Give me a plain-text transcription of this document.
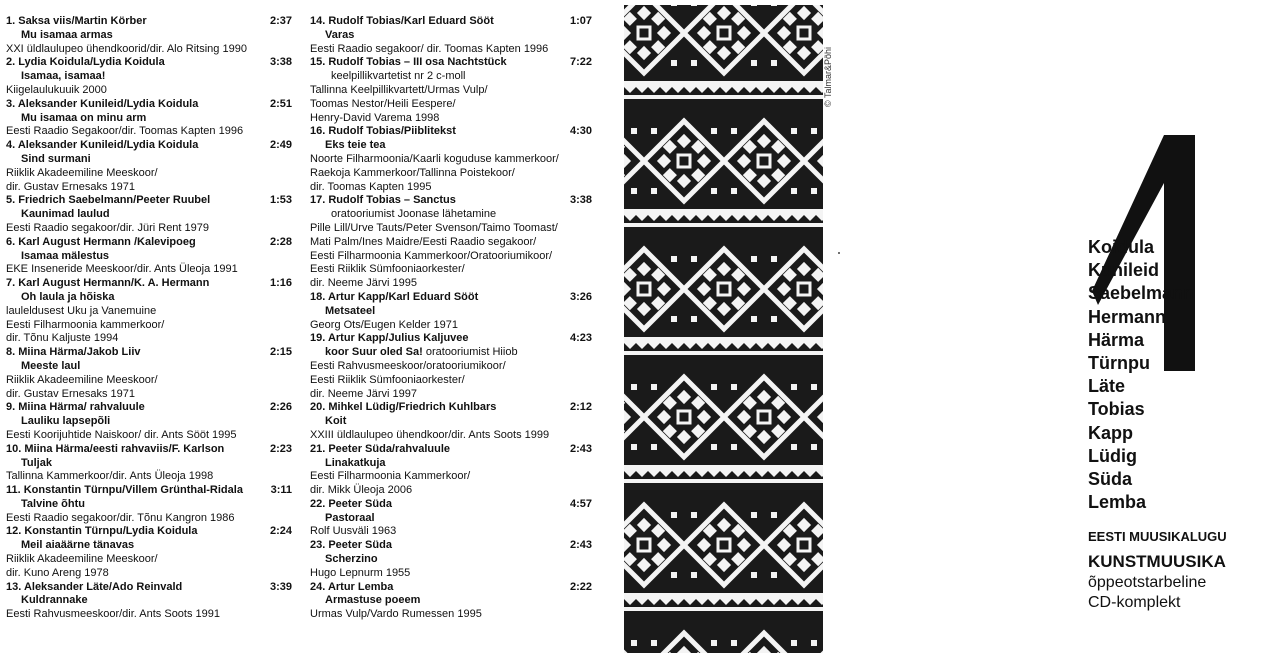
1. Saksa viis/Martin Körber	2:37
Mu isamaa armas
XXI üldlaulupeo ühendkoorid/dir. Alo Ritsing 1990
2. Lydia Koidula/Lydia Koidula	3:38
Isamaa, isamaa!
Kiigelaulukuuik 2000
3. Aleksander Kunileid/Lydia Koidula	2:51
Mu isamaa on minu arm
Eesti Raadio Segakoor/dir. Toomas Kapten 1996
4. Aleksander Kunileid/Lydia Koidula	2:49
Sind surmani
Riiklik Akadeemiline Meeskoor/
dir. Gustav Ernesaks 1971
5. Friedrich Saebelmann/Peeter Ruubel	1:53
Kaunimad laulud
Eesti Raadio segakoor/dir. Jüri Rent 1979
6. Karl August Hermann /Kalevipoeg	2:28
Isamaa mälestus
EKE Inseneride Meeskoor/dir. Ants Üleoja 1991
7. Karl August Hermann/K. A. Hermann	1:16
Oh laula ja hõiska
lauleldusest Uku ja Vanemuine
Eesti Filharmoonia kammerkoor/
dir. Tõnu Kaljuste 1994
8. Miina Härma/Jakob Liiv	2:15
Meeste laul
Riiklik Akadeemiline Meeskoor/
dir. Gustav Ernesaks 1971
9. Miina Härma/ rahvaluule	2:26
Lauliku lapsepõli
Eesti Koorijuhtide Naiskoor/ dir. Ants Sööt 1995
10. Miina Härma/eesti rahvaviis/F. Karlson	2:23
Tuljak
Tallinna Kammerkoor/dir. Ants Üleoja 1998
11. Konstantin Türnpu/Villem Grünthal-Ridala	3:11
Talvine õhtu
Eesti Raadio segakoor/dir. Tõnu Kangron 1986
12. Konstantin Türnpu/Lydia Koidula	2:24
Meil aiaäärne tänavas
Riiklik Akadeemiline Meeskoor/
dir. Kuno Areng 1978
13. Aleksander Läte/Ado Reinvald	3:39
Kuldrannake
Eesti Rahvusmeeskoor/dir. Ants Soots 1991
14. Rudolf Tobias/Karl Eduard Sööt	1:07
Varas
Eesti Raadio segakoor/ dir. Toomas Kapten 1996
15. Rudolf Tobias – III osa Nachtstück	7:22
keelpillikvartetist nr 2 c-moll
Tallinna Keelpillikvartett/Urmas Vulp/
Toomas Nestor/Heili Eespere/
Henry-David Varema 1998
16. Rudolf Tobias/Piiblitekst	4:30
Eks teie tea
Noorte Filharmoonia/Kaarli koguduse kammerkoor/
Raekoja Kammerkoor/Tallinna Poistekoor/
dir. Toomas Kapten 1995
17. Rudolf Tobias – Sanctus	3:38
oratooriumist Joonase lähetamine
Pille Lill/Urve Tauts/Peter Svenson/Taimo Toomast/
Mati Palm/Ines Maidre/Eesti Raadio segakoor/
Eesti Filharmoonia Kammerkoor/Oratooriumikoor/
Eesti Riiklik Sümfooniaorkester/
dir. Neeme Järvi 1995
18. Artur Kapp/Karl Eduard Sööt	3:26
Metsateel
Georg Ots/Eugen Kelder 1971
19. Artur Kapp/Julius Kaljuvee	4:23
koor Suur oled Sa! oratooriumist Hiiob
Eesti Rahvusmeeskoor/oratooriumikoor/
Eesti Riiklik Sümfooniaorkester/
dir. Neeme Järvi 1997
20. Mihkel Lüdig/Friedrich Kuhlbars	2:12
Koit
XXIII üldlaulupeo ühendkoor/dir. Ants Soots 1999
21. Peeter Süda/rahvaluule	2:43
Linakatkuja
Eesti Filharmoonia Kammerkoor/
dir. Mikk Üleoja 2006
22. Peeter Süda	4:57
Pastoraal
Rolf Uusväli 1963
23. Peeter Süda	2:43
Scherzino
Hugo Lepnurm 1955
24. Artur Lemba	2:22
Armastuse poeem
Urmas Vulp/Vardo Rumessen 1995
© Talmar&Põhi
Koidula
Kunileid
Saebelmann
Hermann
Härma
Türnpu
Läte
Tobias
Kapp
Lüdig
Süda
Lemba
EESTI MUUSIKALUGU
KUNSTMUUSIKA
õppeotstarbeline
CD-komplekt
